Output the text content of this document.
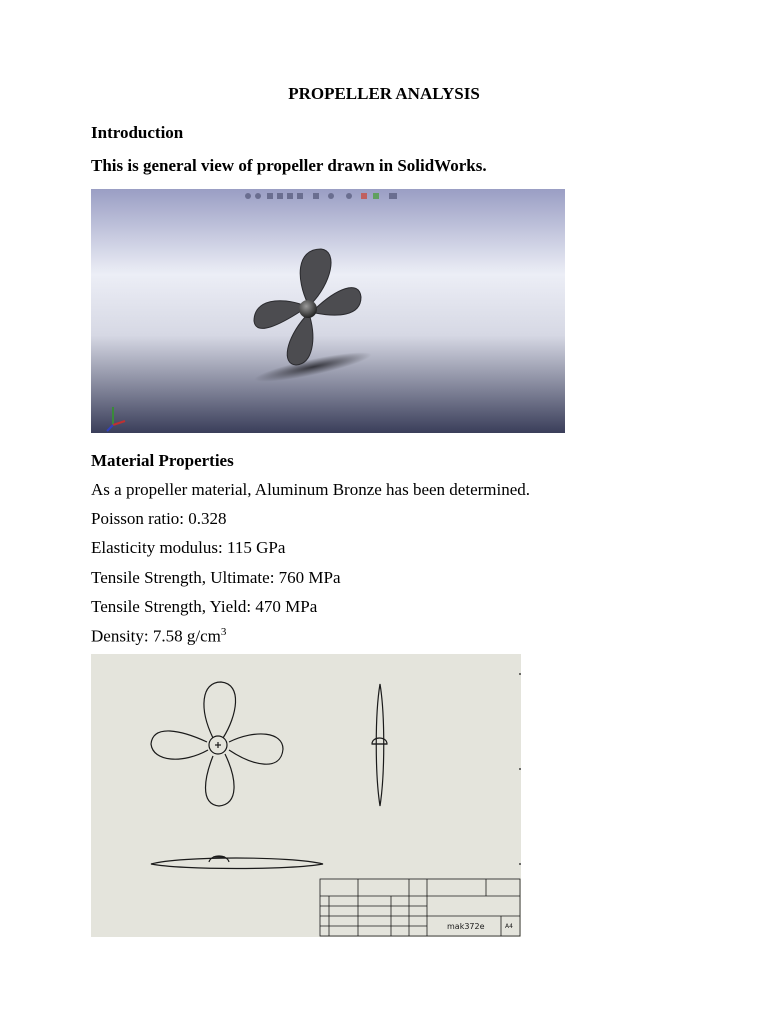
PROPELLER ANALYSIS
Introduction
This is general view of propeller drawn in SolidWorks.
Material Properties
As a propeller material, Aluminum Bronze has been determined.
Poisson ratio: 0.328
Elasticity modulus: 115 GPa
Tensile Strength, Ultimate: 760 MPa
Tensile Strength, Yield: 470 MPa
Density: 7.58 $g/cm^3$
mak372e	A4
